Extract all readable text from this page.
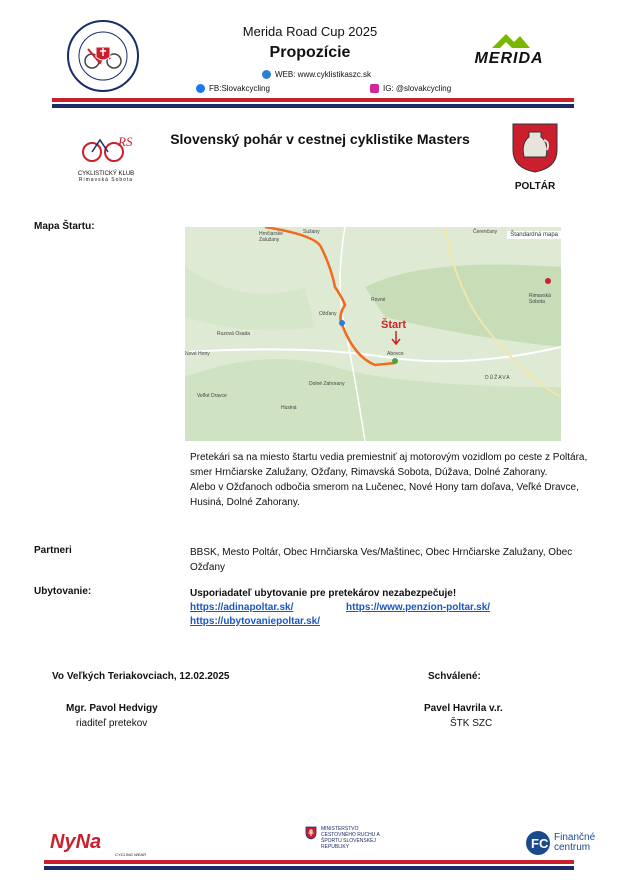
Merida Road Cup 2025
Propozície
WEB: www.cyklistikaszc.sk
FB:Slovakcycling	IG: @slovakcycling
MERIDA
RS
CYKLISTICKÝ KLUB
Rimavská Sobota
Slovenský pohár v cestnej cyklistike Masters
POLTÁR
Mapa Štartu:
Štandardná mapa
Štart
Hrnčiarske Zalužany
Sušany	Čerenčany
Rimavská Sobota
Ožďany
Rovné
Ruzová Osada
Nové Hony
Dolné Zahorany
Veľké Dravce
Husiná
DÚŽAVA
Abovce
Pretekári sa na miesto štartu vedia premiestniť aj motorovým vozidlom po ceste z Poltára, smer Hrnčiarske Zalužany, Ožďany, Rimavská Sobota, Dúžava, Dolné Zahorany.
Alebo v Ožďanoch odbočia smerom na Lučenec, Nové Hony tam doľava, Veľké Dravce, Husiná, Dolné Zahorany.
Partneri	BBSK, Mesto Poltár, Obec Hrnčiarska Ves/Maštinec, Obec Hrnčiarske Zalužany, Obec Ožďany
Ubytovanie:	Usporiadateľ ubytovanie pre pretekárov nezabezpečuje!
https://adinapoltar.sk/	https://www.penzion-poltar.sk/
https://ubytovaniepoltar.sk/
Vo Veľkých Teriakovciach, 12.02.2025	Schválené:
Mgr. Pavol Hedvigy
riaditeľ pretekov
Pavel Havrila v.r.
ŠTK SZC
NyNa
CYCLING WEAR
MINISTERSTVO CESTOVNÉHO RUCHU A ŠPORTU SLOVENSKEJ REPUBLIKY	FC Finančné
centrum
